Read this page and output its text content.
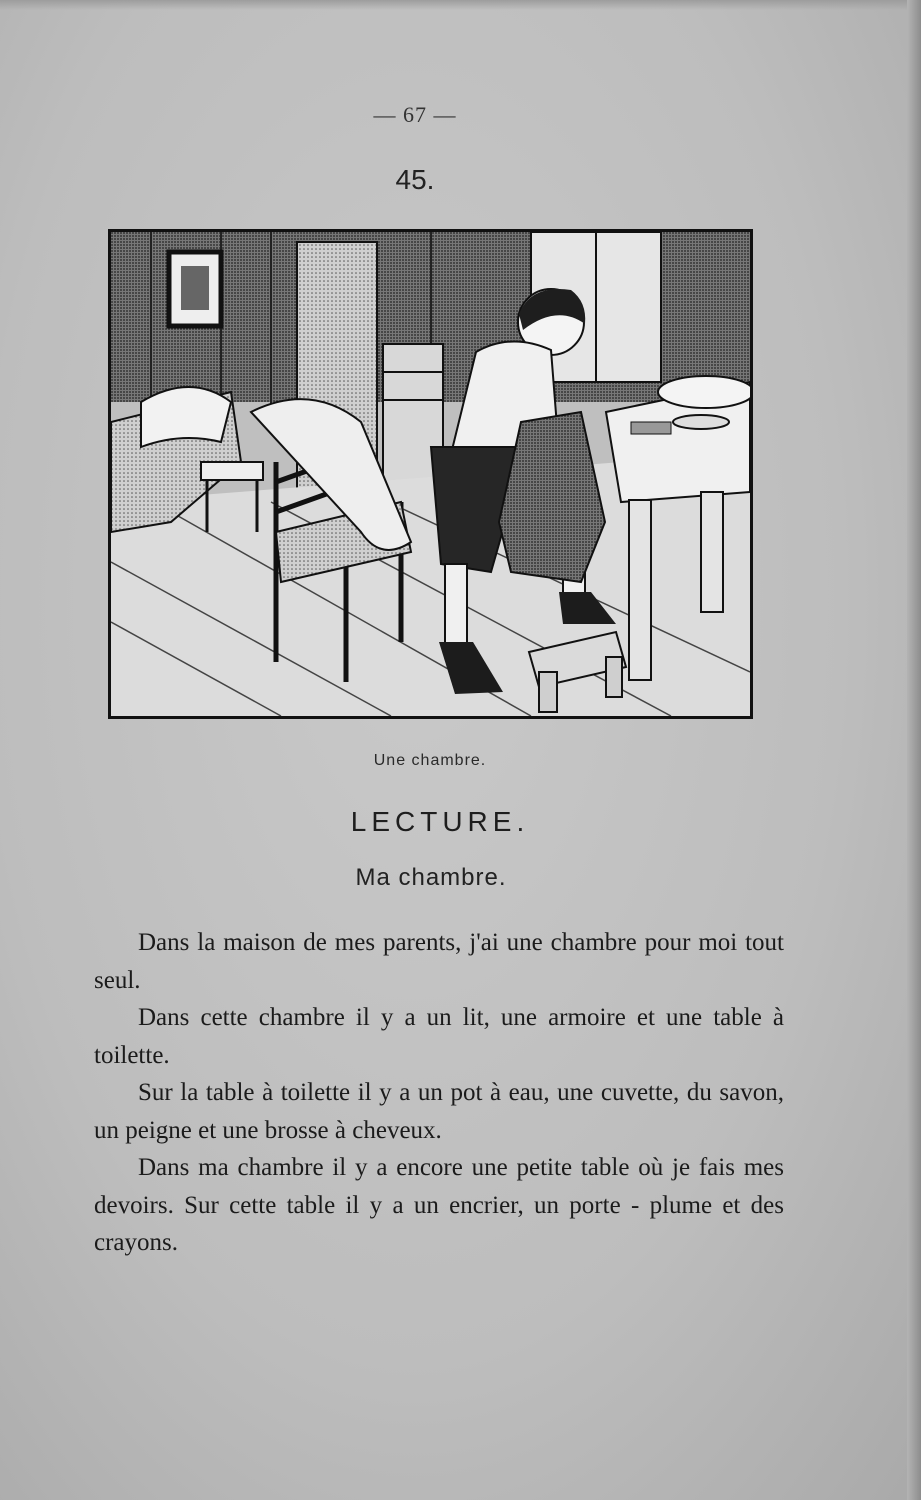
— 67 —
45.
Une chambre.
LECTURE.
Ma chambre.

Dans la maison de mes parents, j'ai une chambre pour moi tout seul.

Dans cette chambre il y a un lit, une armoire et une table à toilette.

Sur la table à toilette il y a un pot à eau, une cuvette, du savon, un peigne et une brosse à cheveux.

Dans ma chambre il y a encore une petite table où je fais mes devoirs. Sur cette table il y a un encrier, un porte - plume et des crayons.
